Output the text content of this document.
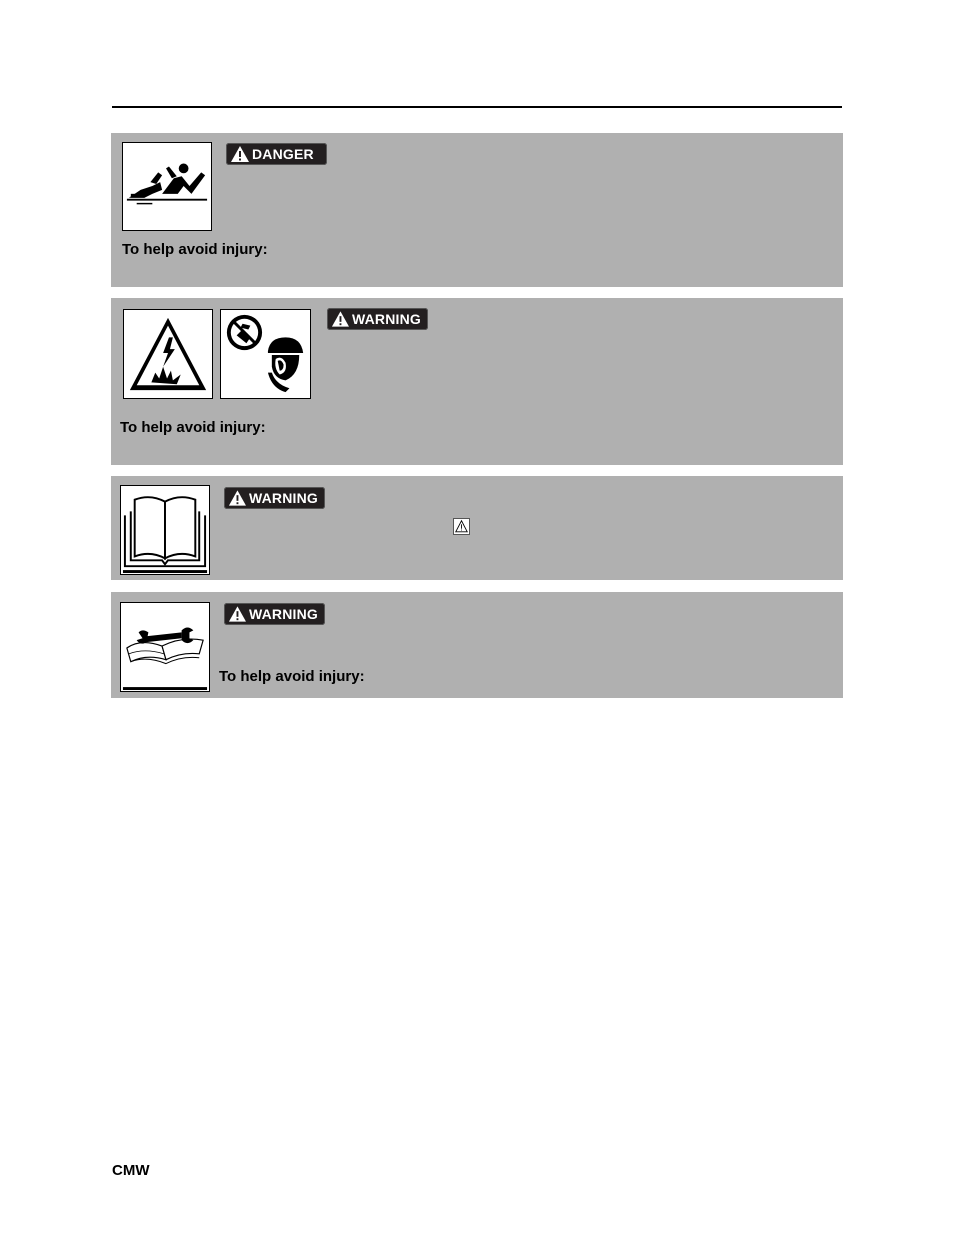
DANGER
To help avoid injury:
WARNING
To help avoid injury:
WARNING
WARNING
To help avoid injury:
CMW
